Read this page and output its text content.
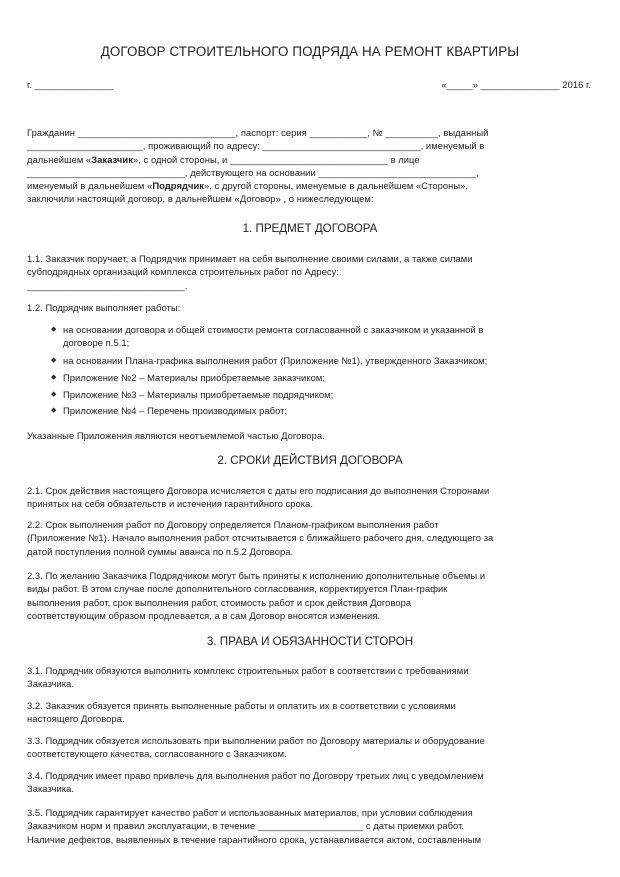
ДОГОВОР СТРОИТЕЛЬНОГО ПОДРЯДА НА РЕМОНТ КВАРТИРЫ
г. _______________	«_____» _______________ 2016 г.
Гражданин ______________________________, паспорт: серия ___________, № __________, выданный
______________________, проживающий по адресу: ______________________________, именуемый в
дальнейшем «Заказчик», с одной стороны, и ______________________________ в лице
______________________________, действующего на основании ______________________________,
именуемый в дальнейшем «Подрядчик», с другой стороны, именуемые в дальнейшем «Стороны»,
заключили настоящий договор, в дальнейшем «Договор» , о нижеследующем:
1. ПРЕДМЕТ ДОГОВОРА
1.1. Заказчик поручает, а Подрядчик принимает на себя выполнение своими силами, а также силами
субподрядных организаций комплекса строительных работ по Адресу:
______________________________.
1.2. Подрядчик выполняет работы:
◆ на основании договора и общей стоимости ремонта согласованной с заказчиком и указанной в
договоре п.5.1;
◆ на основании Плана-графика выполнения работ (Приложение №1), утвержденного Заказчиком;
◆ Приложение №2 – Материалы приобретаемые заказчиком;
◆ Приложение №3 – Материалы приобретаемые подрядчиком;
◆ Приложение №4 – Перечень производимых работ;
Указанные Приложения являются неотъемлемой частью Договора.
2. СРОКИ ДЕЙСТВИЯ ДОГОВОРА
2.1. Срок действия настоящего Договора исчисляется с даты его подписания до выполнения Сторонами
принятых на себя обязательств и истечения гарантийного срока.
2.2. Срок выполнения работ по Договору определяется Планом-графиком выполнения работ
(Приложение №1). Начало выполнения работ отсчитывается с ближайшего рабочего дня, следующего за
датой поступления полной суммы аванса по п.5.2 Договора.
2.3. По желанию Заказчика Подрядчиком могут быть приняты к исполнению дополнительные объемы и
виды работ. В этом случае после дополнительного согласования, корректируется План-график
выполнения работ, срок выполнения работ, стоимость работ и срок действия Договора
соответствующим образом продлевается, а в сам Договор вносятся изменения.
3. ПРАВА И ОБЯЗАННОСТИ СТОРОН
3.1. Подрядчик обязуются выполнить комплекс строительных работ в соответствии с требованиями
Заказчика.
3.2. Заказчик обязуется принять выполненные работы и оплатить их в соответствии с условиями
настоящего Договора.
3.3. Подрядчик обязуется использовать при выполнении работ по Договору материалы и оборудование
соответствующего качества, согласованного с Заказчиком.
3.4. Подрядчик имеет право привлечь для выполнения работ по Договору третьих лиц с уведомлением
Заказчика.
3.5. Подрядчик гарантирует качество работ и использованных материалов, при условии соблюдения
Заказчиком норм и правил эксплуатации, в течение ____________________ с даты приемки работ.
Наличие дефектов, выявленных в течение гарантийного срока, устанавливается актом, составленным
